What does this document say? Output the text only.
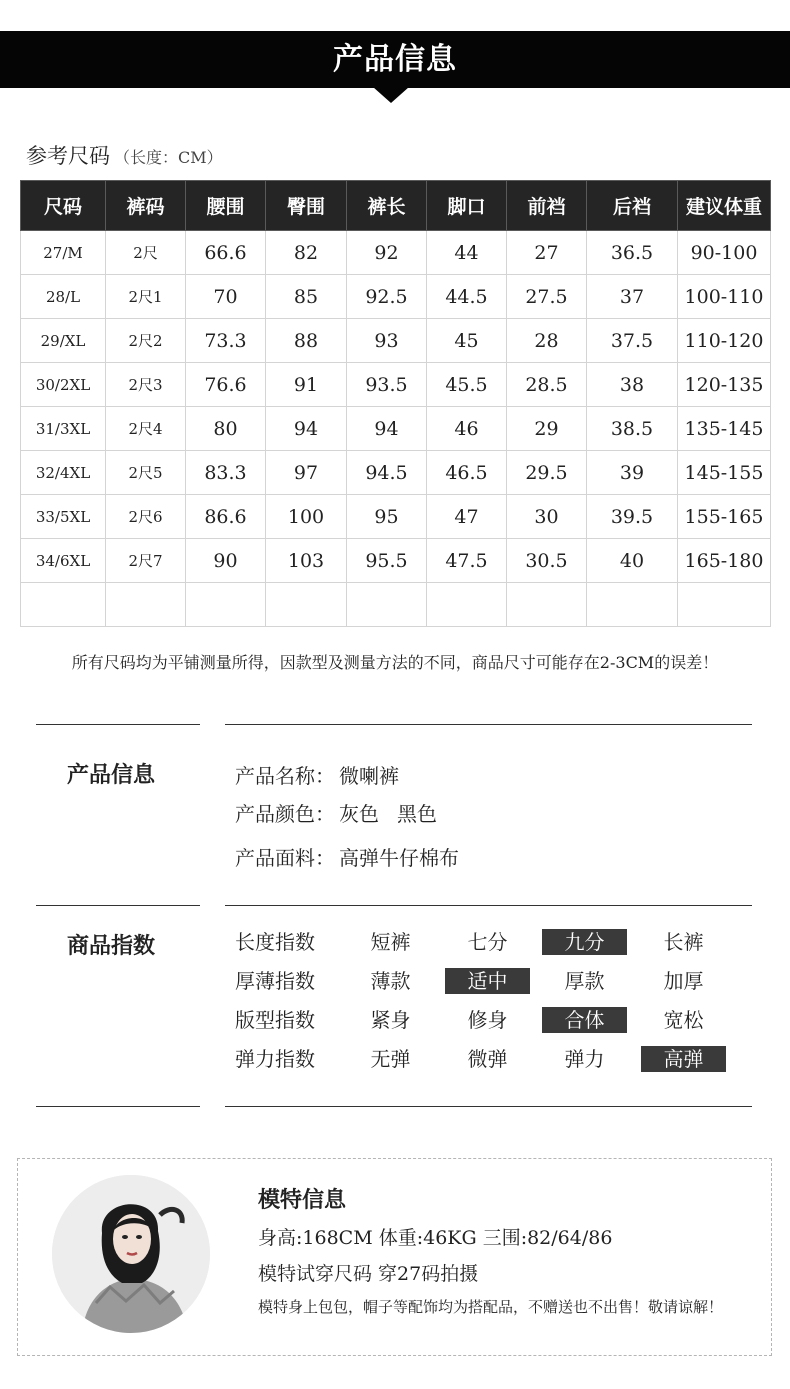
产品信息
参考尺码 （长度：CM）
尺码	裤码	腰围	臀围	裤长	脚口	前裆	后裆	建议体重
27/M	2尺	66.6	82	92	44	27	36.5	90-100
28/L	2尺1	70	85	92.5	44.5	27.5	37	100-110
29/XL	2尺2	73.3	88	93	45	28	37.5	110-120
30/2XL	2尺3	76.6	91	93.5	45.5	28.5	38	120-135
31/3XL	2尺4	80	94	94	46	29	38.5	135-145
32/4XL	2尺5	83.3	97	94.5	46.5	29.5	39	145-155
33/5XL	2尺6	86.6	100	95	47	30	39.5	155-165
34/6XL	2尺7	90	103	95.5	47.5	30.5	40	165-180

所有尺码均为平铺测量所得，因款型及测量方法的不同，商品尺寸可能存在2-3CM的误差！
产品信息	产品名称： 微喇裤
产品颜色： 灰色 黑色
产品面料： 高弹牛仔棉布
商品指数	长度指数	短裤	七分	九分	长裤
厚薄指数	薄款	适中	厚款	加厚
版型指数	紧身	修身	合体	宽松
弹力指数	无弹	微弹	弹力	高弹
模特信息
身高:168CM 体重:46KG 三围:82/64/86
模特试穿尺码 穿27码拍摄
模特身上包包，帽子等配饰均为搭配品，不赠送也不出售！敬请谅解！
